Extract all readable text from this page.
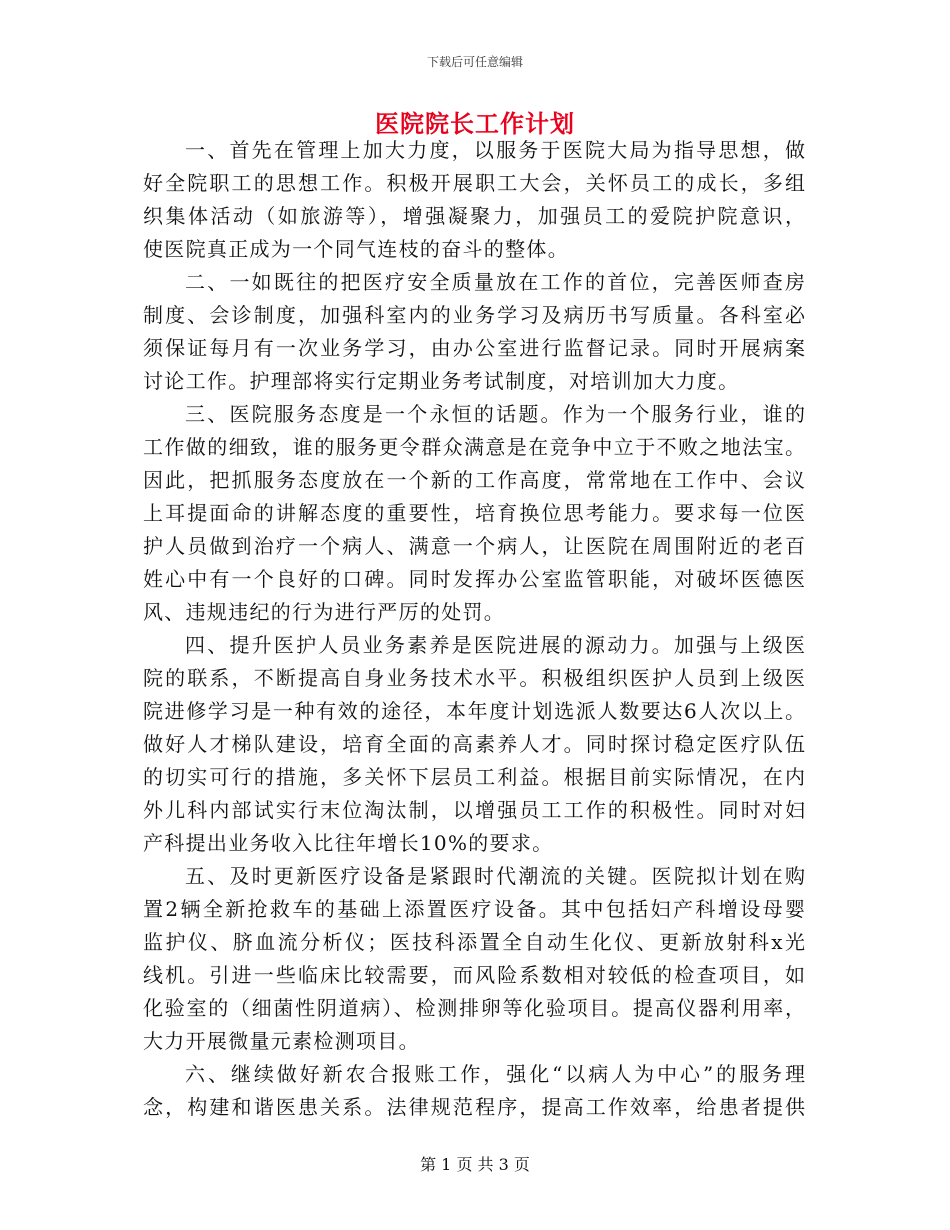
下载后可任意编辑
医院院长工作计划
一、首先在管理上加大力度，以服务于医院大局为指导思想，做
好全院职工的思想工作。积极开展职工大会，关怀员工的成长，多组
织集体活动（如旅游等），增强凝聚力，加强员工的爱院护院意识，
使医院真正成为一个同气连枝的奋斗的整体。
二、一如既往的把医疗安全质量放在工作的首位，完善医师查房
制度、会诊制度，加强科室内的业务学习及病历书写质量。各科室必
须保证每月有一次业务学习，由办公室进行监督记录。同时开展病案
讨论工作。护理部将实行定期业务考试制度，对培训加大力度。
三、医院服务态度是一个永恒的话题。作为一个服务行业，谁的
工作做的细致，谁的服务更令群众满意是在竞争中立于不败之地法宝。
因此，把抓服务态度放在一个新的工作高度，常常地在工作中、会议
上耳提面命的讲解态度的重要性，培育换位思考能力。要求每一位医
护人员做到治疗一个病人、满意一个病人，让医院在周围附近的老百
姓心中有一个良好的口碑。同时发挥办公室监管职能，对破坏医德医
风、违规违纪的行为进行严厉的处罚。
四、提升医护人员业务素养是医院进展的源动力。加强与上级医
院的联系，不断提高自身业务技术水平。积极组织医护人员到上级医
院进修学习是一种有效的途径，本年度计划选派人数要达6人次以上。
做好人才梯队建设，培育全面的高素养人才。同时探讨稳定医疗队伍
的切实可行的措施，多关怀下层员工利益。根据目前实际情况，在内
外儿科内部试实行末位淘汰制，以增强员工工作的积极性。同时对妇
产科提出业务收入比往年增长10%的要求。
五、及时更新医疗设备是紧跟时代潮流的关键。医院拟计划在购
置2辆全新抢救车的基础上添置医疗设备。其中包括妇产科增设母婴
监护仪、脐血流分析仪；医技科添置全自动生化仪、更新放射科x光
线机。引进一些临床比较需要，而风险系数相对较低的检查项目，如
化验室的（细菌性阴道病）、检测排卵等化验项目。提高仪器利用率，
大力开展微量元素检测项目。
六、继续做好新农合报账工作，强化“以病人为中心”的服务理
念，构建和谐医患关系。法律规范程序，提高工作效率，给患者提供
第 1 页 共 3 页
